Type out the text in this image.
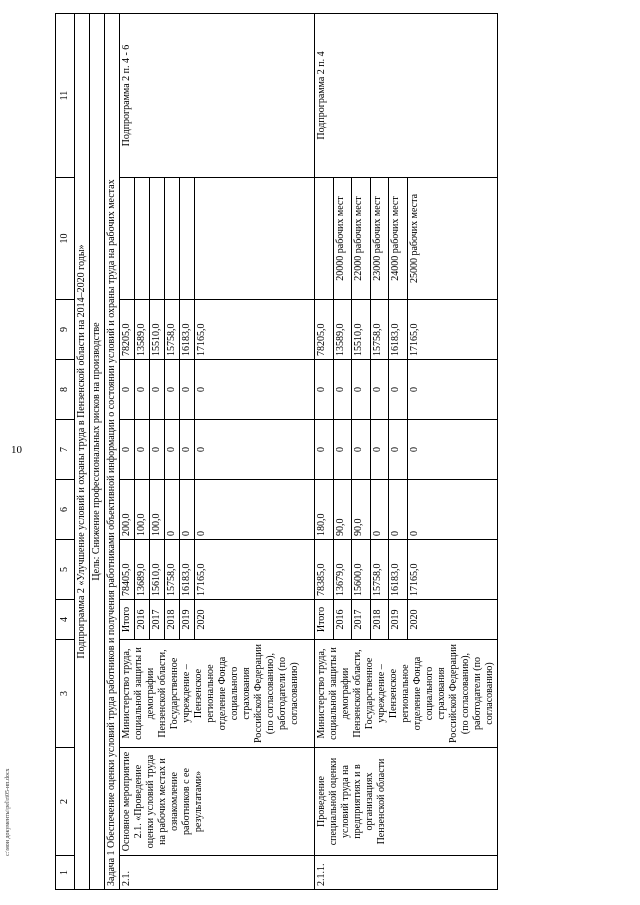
10
1	2	3	4	5	6	7	8	9	10	11
Подпрограмма 2 «Улучшение условий и охраны труда в Пензенской области на 2014–2020 годы»										
Цель: Снижение профессиональных рисков на производстве										
Задача 1 Обеспечение оценки условий труда работников и получения работниками объективной информации о состоянии условий и охраны труда на рабочих местах										
2.1.	Основное мероприятие 2.1. «Проведение оценки условий труда на рабочих местах и ознакомление работников с ее результатами»	Министерство труда, социальной защиты и демографии Пензенской области, Государственное учреждение – Пензенское региональное отделение Фонда социального страхования Российской Федерации (по согласованию), работодатели (по согласованию)	Итого	78405,0	200,0	0	0	78205,0		Подпрограмма 2 п. 4 - 6
			2016	13689,0	100,0	0	0	13589,0		
			2017	15610,0	100,0	0	0	15510,0		
			2018	15758,0	0	0	0	15758,0		
			2019	16183,0	0	0	0	16183,0		
			2020	17165,0	0	0	0	17165,0		
2.1.1.	Проведение специальной оценки условий труда на предприятиях и в организациях Пензенской области	Министерство труда, социальной защиты и демографии Пензенской области, Государственное учреждение – Пензенское региональное отделение Фонда социального страхования Российской Федерации (по согласованию), работодатели (по согласованию)	Итого	78385,0	180,0	0	0	78205,0		Подпрограмма 2 п. 4
			2016	13679,0	90,0	0	0	13589,0	20000 рабочих мест	
			2017	15600,0	90,0	0	0	15510,0	22000 рабочих мест	
			2018	15758,0	0	0	0	15758,0	23000 рабочих мест	
			2019	16183,0	0	0	0	16183,0	24000 рабочих мест	
			2020	17165,0	0	0	0	17165,0	25000 рабочих места	
c:\мои документы\pel\ri05-нп.docx
